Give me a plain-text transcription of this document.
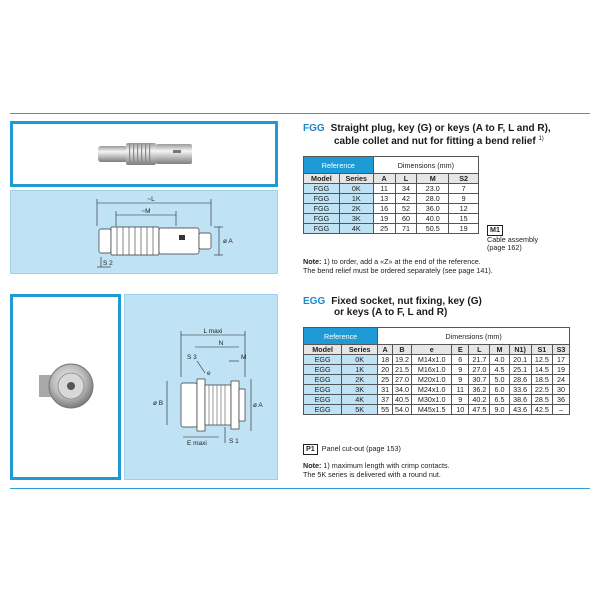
~L
~M
ø A
S 2
FGG Straight plug, key (G) or keys (A to F, L and R),
cable collet and nut for fitting a bend relief $^{1)}$
Reference		Dimensions (mm)			
Model	Series	A	L	M	S2
FGG	0K	11	34	23.0	7
FGG	1K	13	42	28.0	9
FGG	2K	16	52	36.0	12
FGG	3K	19	60	40.0	15
FGG	4K	25	71	50.5	19	M1
Cable assembly
(page 162)
Note: 1) to order, add a «Z» at the end of the reference.
The bend relief must be ordered separately (see page 141).
L maxi
N
M
S 3
e
ø B	ø A
E maxi	S 1
EGG Fixed socket, nut fixing, key (G)
or keys (A to F, L and R)
Reference		Dimensions (mm)								
Model	Series	A	B	e	E	L	M	N1)	S1	S3
EGG	0K	18	19.2	M14x1.0	6	21.7	4.0	20.1	12.5	17
EGG	1K	20	21.5	M16x1.0	9	27.0	4.5	25.1	14.5	19
EGG	2K	25	27.0	M20x1.0	9	30.7	5.0	28.6	18.5	24
EGG	3K	31	34.0	M24x1.0	11	36.2	6.0	33.6	22.5	30
EGG	4K	37	40.5	M30x1.0	9	40.2	6.5	38.6	28.5	36
EGG	5K	55	54.0	M45x1.5	10	47.5	9.0	43.6	42.5	–
P1 Panel cut-out (page 153)
Note: 1) maximum length with crimp contacts.
The 5K series is delivered with a round nut.
